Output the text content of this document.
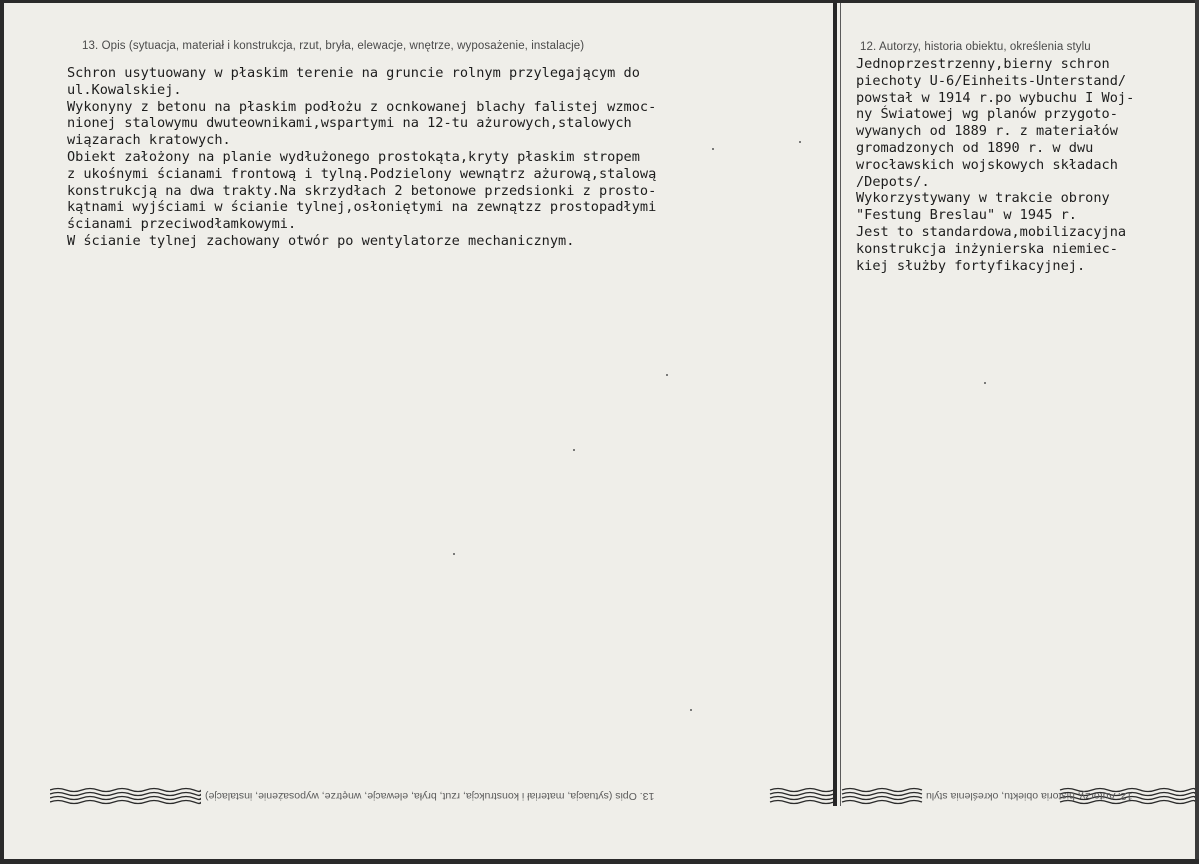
13. Opis (sytuacja, materiał i konstrukcja, rzut, bryła, elewacje, wnętrze, wyposażenie, instalacje)	12. Autorzy, historia obiektu, określenia stylu
Schron usytuowany w płaskim terenie na gruncie rolnym przylegającym do
ul.Kowalskiej.
Wykonyny z betonu na płaskim podłożu z ocnkowanej blachy falistej wzmoc-
nionej stalowymu dwuteownikami,wspartymi na 12-tu ażurowych,stalowych
wiązarach kratowych.
Obiekt założony na planie wydłużonego prostokąta,kryty płaskim stropem
z ukośnymi ścianami frontową i tylną.Podzielony wewnątrz ażurową,stalową
konstrukcją na dwa trakty.Na skrzydłach 2 betonowe przedsionki z prosto-
kątnami wyjściami w ścianie tylnej,osłoniętymi na zewnątzz prostopadłymi
ścianami przeciwodłamkowymi.
W ścianie tylnej zachowany otwór po wentylatorze mechanicznym.
Jednoprzestrzenny,bierny schron
piechoty U-6/Einheits-Unterstand/
powstał w 1914 r.po wybuchu I Woj-
ny Światowej wg planów przygoto-
wywanych od 1889 r. z materiałów
gromadzonych od 1890 r. w dwu
wrocławskich wojskowych składach
/Depots/.
Wykorzystywany w trakcie obrony
"Festung Breslau" w 1945 r.
Jest to standardowa,mobilizacyjna
konstrukcja inżynierska niemiec-
kiej służby fortyfikacyjnej.
13. Opis (sytuacja, materiał i konstrukcja, rzut, bryła, elewacje, wnętrze, wyposażenie, instalacje)	12. Autorzy, historia obiektu, określenia stylu
